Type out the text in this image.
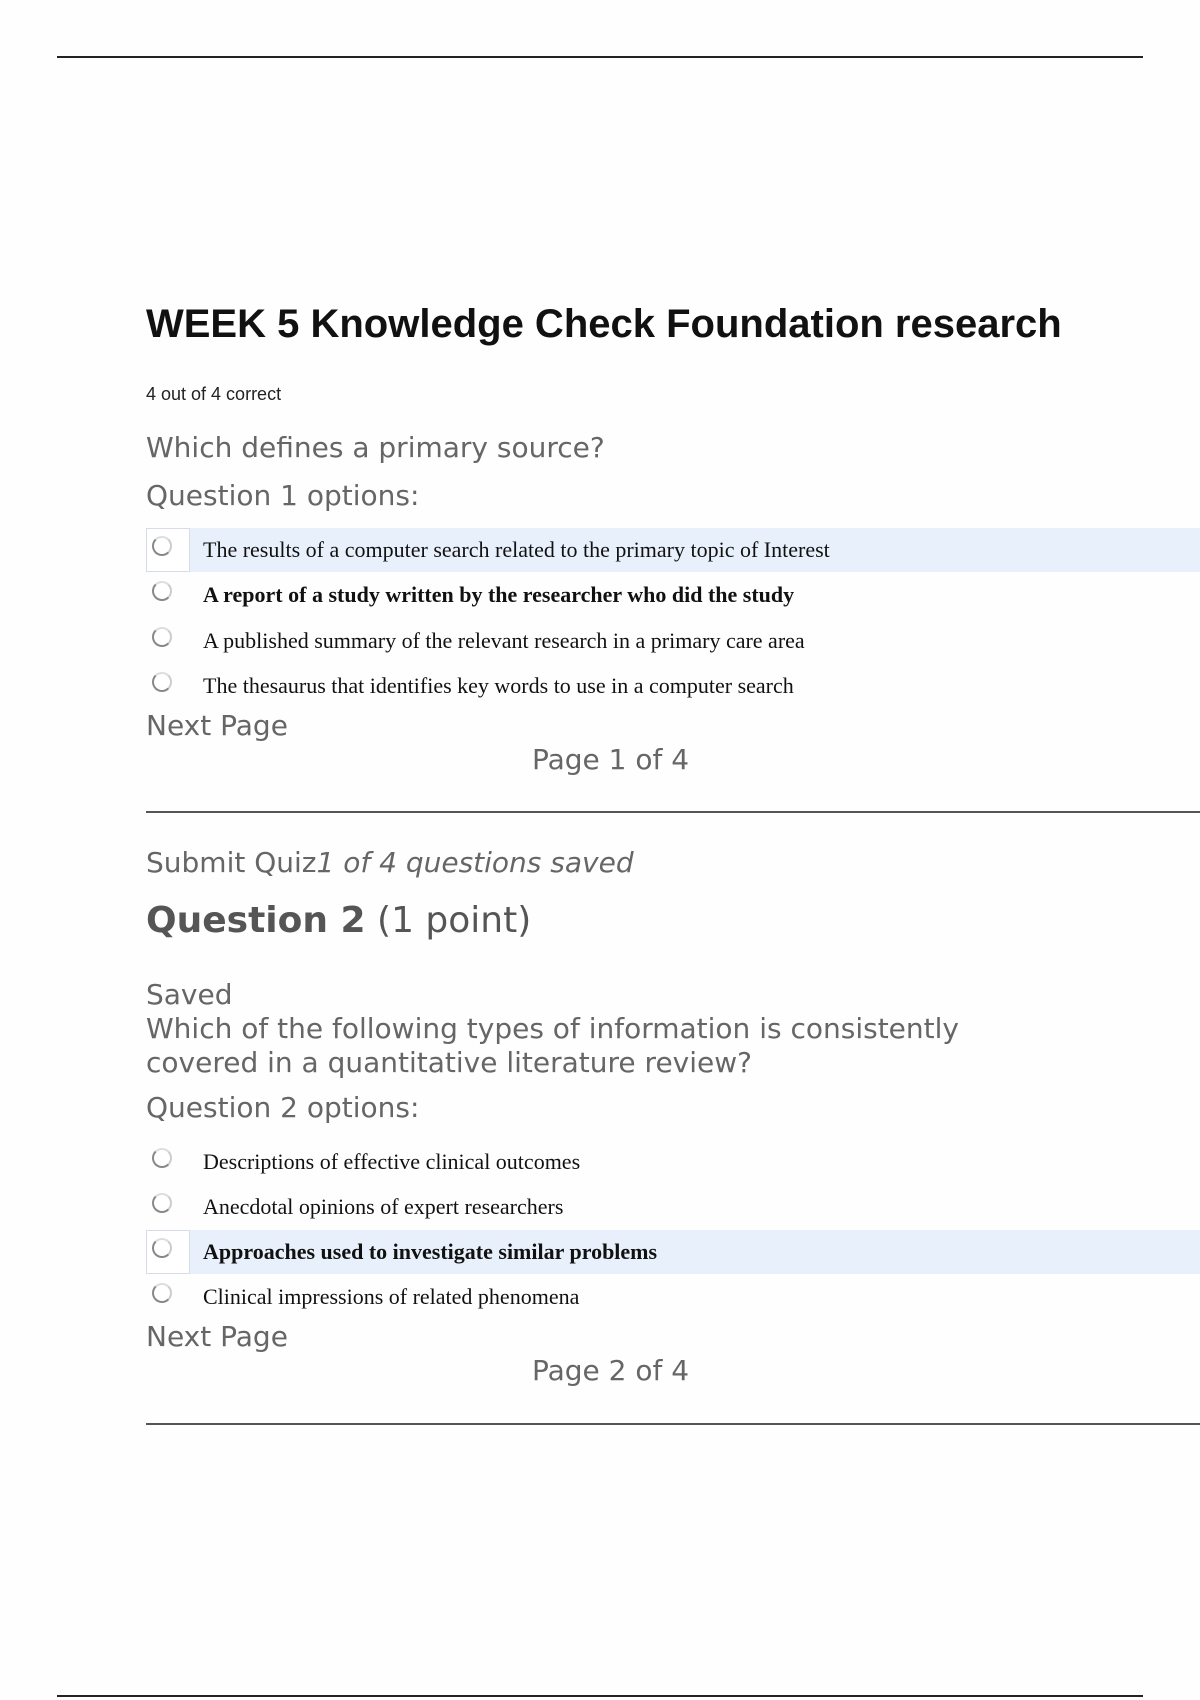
WEEK 5 Knowledge Check Foundation research
4 out of 4 correct
Which defines a primary source?
Question 1 options:
The results of a computer search related to the primary topic of Interest
A report of a study written by the researcher who did the study
A published summary of the relevant research in a primary care area
The thesaurus that identifies key words to use in a computer search
Next Page
Page 1 of 4
Submit Quiz1 of 4 questions saved
Question 2 (1 point)
Saved
Which of the following types of information is consistently
covered in a quantitative literature review?
Question 2 options:
Descriptions of effective clinical outcomes
Anecdotal opinions of expert researchers
Approaches used to investigate similar problems
Clinical impressions of related phenomena
Next Page
Page 2 of 4
